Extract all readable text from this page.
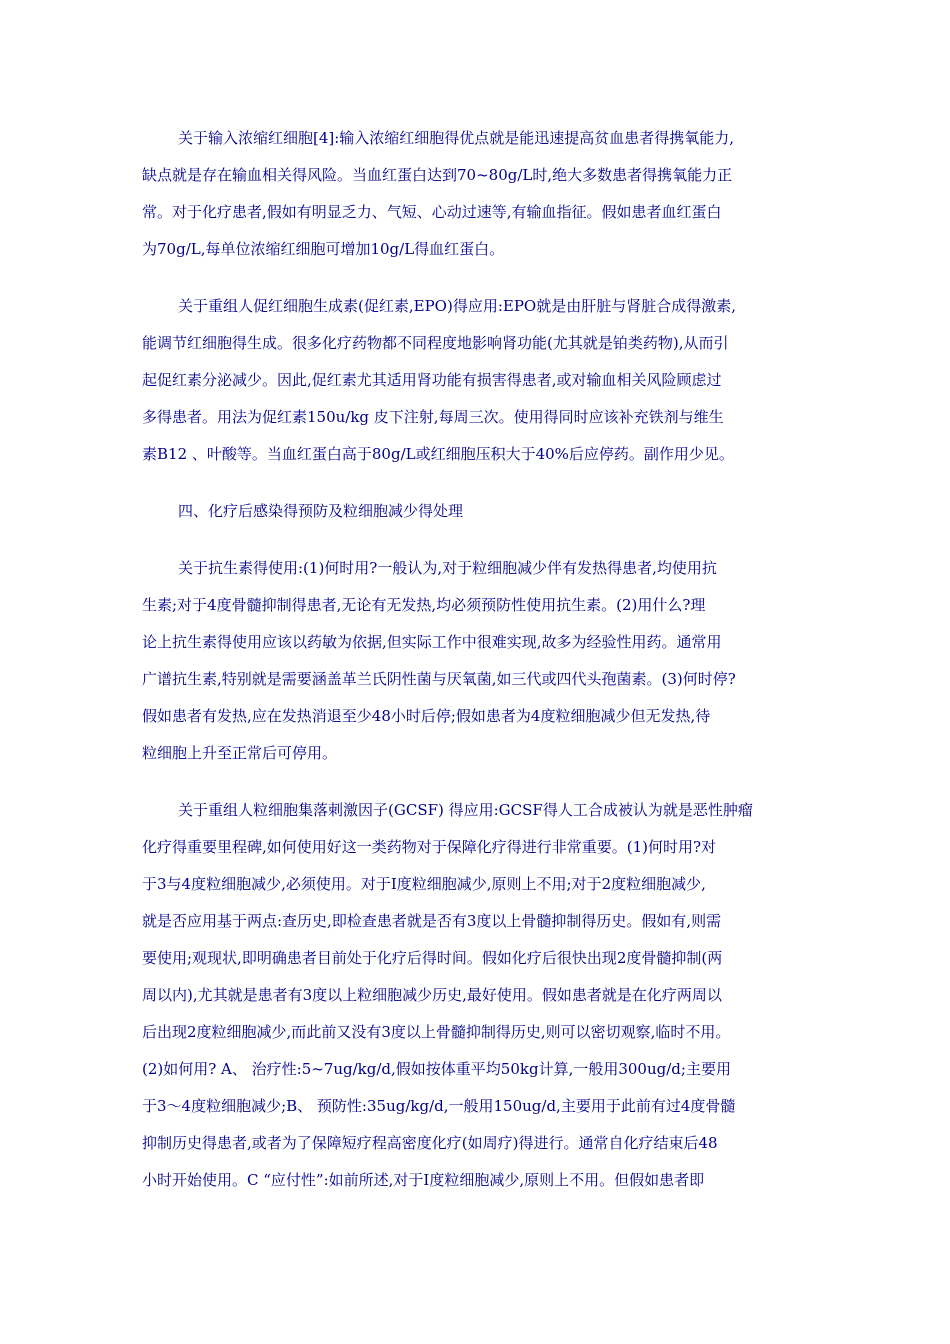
关于输入浓缩红细胞[4]:输入浓缩红细胞得优点就是能迅速提高贫血患者得携氧能力,
缺点就是存在输血相关得风险。当血红蛋白达到70~80g/L时,绝大多数患者得携氧能力正
常。对于化疗患者,假如有明显乏力、气短、心动过速等,有输血指征。假如患者血红蛋白
为70g/L,每单位浓缩红细胞可增加10g/L得血红蛋白。
关于重组人促红细胞生成素(促红素,EPO)得应用:EPO就是由肝脏与肾脏合成得激素,
能调节红细胞得生成。很多化疗药物都不同程度地影响肾功能(尤其就是铂类药物),从而引
起促红素分泌减少。因此,促红素尤其适用肾功能有损害得患者,或对输血相关风险顾虑过
多得患者。用法为促红素150u/kg 皮下注射,每周三次。使用得同时应该补充铁剂与维生
素B12 、叶酸等。当血红蛋白高于80g/L或红细胞压积大于40%后应停药。副作用少见。
四、化疗后感染得预防及粒细胞减少得处理
关于抗生素得使用:(1)何时用?一般认为,对于粒细胞减少伴有发热得患者,均使用抗
生素;对于4度骨髓抑制得患者,无论有无发热,均必须预防性使用抗生素。(2)用什么?理
论上抗生素得使用应该以药敏为依据,但实际工作中很难实现,故多为经验性用药。通常用
广谱抗生素,特别就是需要涵盖革兰氏阴性菌与厌氧菌,如三代或四代头孢菌素。(3)何时停?
假如患者有发热,应在发热消退至少48小时后停;假如患者为4度粒细胞减少但无发热,待
粒细胞上升至正常后可停用。
关于重组人粒细胞集落刺激因子(GCSF) 得应用:GCSF得人工合成被认为就是恶性肿瘤
化疗得重要里程碑,如何使用好这一类药物对于保障化疗得进行非常重要。(1)何时用?对
于3与4度粒细胞减少,必须使用。对于I度粒细胞减少,原则上不用;对于2度粒细胞减少,
就是否应用基于两点:查历史,即检查患者就是否有3度以上骨髓抑制得历史。假如有,则需
要使用;观现状,即明确患者目前处于化疗后得时间。假如化疗后很快出现2度骨髓抑制(两
周以内),尤其就是患者有3度以上粒细胞减少历史,最好使用。假如患者就是在化疗两周以
后出现2度粒细胞减少,而此前又没有3度以上骨髓抑制得历史,则可以密切观察,临时不用。
(2)如何用? A、 治疗性:5~7ug/kg/d,假如按体重平均50kg计算,一般用300ug/d;主要用
于3～4度粒细胞减少;B、 预防性:35ug/kg/d,一般用150ug/d,主要用于此前有过4度骨髓
抑制历史得患者,或者为了保障短疗程高密度化疗(如周疗)得进行。通常自化疗结束后48
小时开始使用。C “应付性”:如前所述,对于I度粒细胞减少,原则上不用。但假如患者即
